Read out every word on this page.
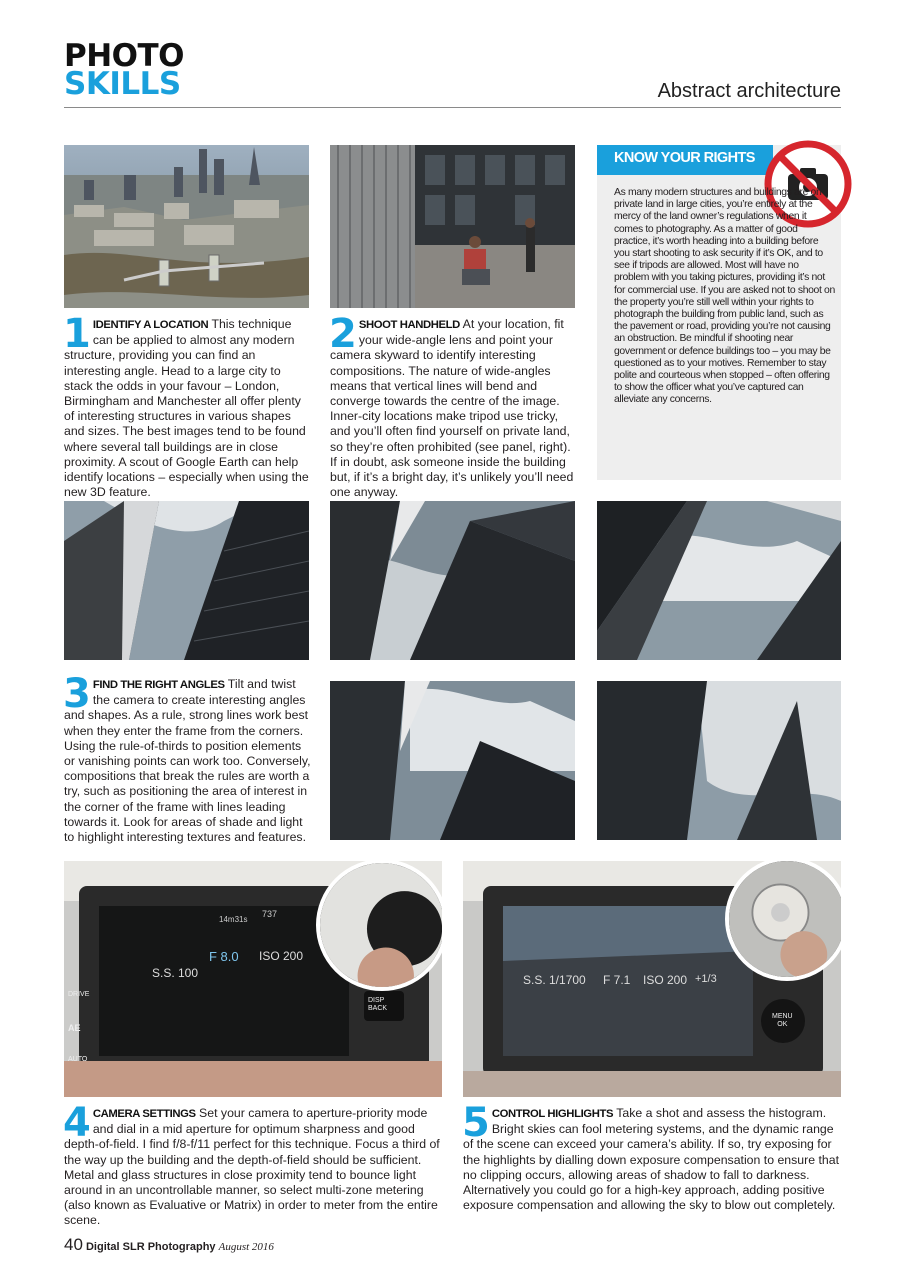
PHOTO
SKILLS	Abstract architecture
KNOW YOUR RIGHTS
As many modern structures and buildings are on private land in large cities, you’re entirely at the mercy of the land owner’s regulations when it comes to photography. As a matter of good practice, it’s worth heading into a building before you start shooting to ask security if it’s OK, and to see if tripods are allowed. Most will have no problem with you taking pictures, providing it’s not for commercial use. If you are asked not to shoot on the property you’re still well within your rights to photograph the building from public land, such as the pavement or road, providing you’re not causing an obstruction. Be mindful if shooting near government or defence buildings too – you may be questioned as to your motives. Remember to stay polite and courteous when stopped – often offering to show the officer what you’ve captured can alleviate any concerns.
1 IDENTIFY A LOCATION This technique can be applied to almost any modern structure, providing you can find an interesting angle. Head to a large city to stack the odds in your favour – London, Birmingham and Manchester all offer plenty of interesting structures in various shapes and sizes. The best images tend to be found where several tall buildings are in close proximity. A scout of Google Earth can help identify locations – especially when using the new 3D feature.
2 SHOOT HANDHELD At your location, fit your wide-angle lens and point your camera skyward to identify interesting compositions. The nature of wide-angles means that vertical lines will bend and converge towards the centre of the image. Inner-city locations make tripod use tricky, and you’ll often find yourself on private land, so they’re often prohibited (see panel, right). If in doubt, ask someone inside the building but, if it’s a bright day, it’s unlikely you’ll need one anyway.
3 FIND THE RIGHT ANGLES Tilt and twist the camera to create interesting angles and shapes. As a rule, strong lines work best when they enter the frame from the corners. Using the rule-of-thirds to position elements or vanishing points can work too. Conversely, compositions that break the rules are worth a try, such as positioning the area of interest in the corner of the frame with lines leading towards it. Look for areas of shade and light to highlight interesting textures and features.
S.S. 100
F 8.0 ISO 200
737
14m31s
DISP
BACK
DRIVE
AE
AUTO
S.S. 1/1700 F 7.1 ISO 200 +1/3
MENU
OK
4 CAMERA SETTINGS Set your camera to aperture-priority mode and dial in a mid aperture for optimum sharpness and good depth-of-field. I find f/8-f/11 perfect for this technique. Focus a third of the way up the building and the depth-of-field should be sufficient. Metal and glass structures in close proximity tend to bounce light around in an uncontrollable manner, so select multi-zone metering (also known as Evaluative or Matrix) in order to meter from the entire scene.
5 CONTROL HIGHLIGHTS Take a shot and assess the histogram. Bright skies can fool metering systems, and the dynamic range of the scene can exceed your camera’s ability. If so, try exposing for the highlights by dialling down exposure compensation to ensure that no clipping occurs, allowing areas of shadow to fall to darkness. Alternatively you could go for a high-key approach, adding positive exposure compensation and allowing the sky to blow out completely.
40 Digital SLR Photography August 2016
